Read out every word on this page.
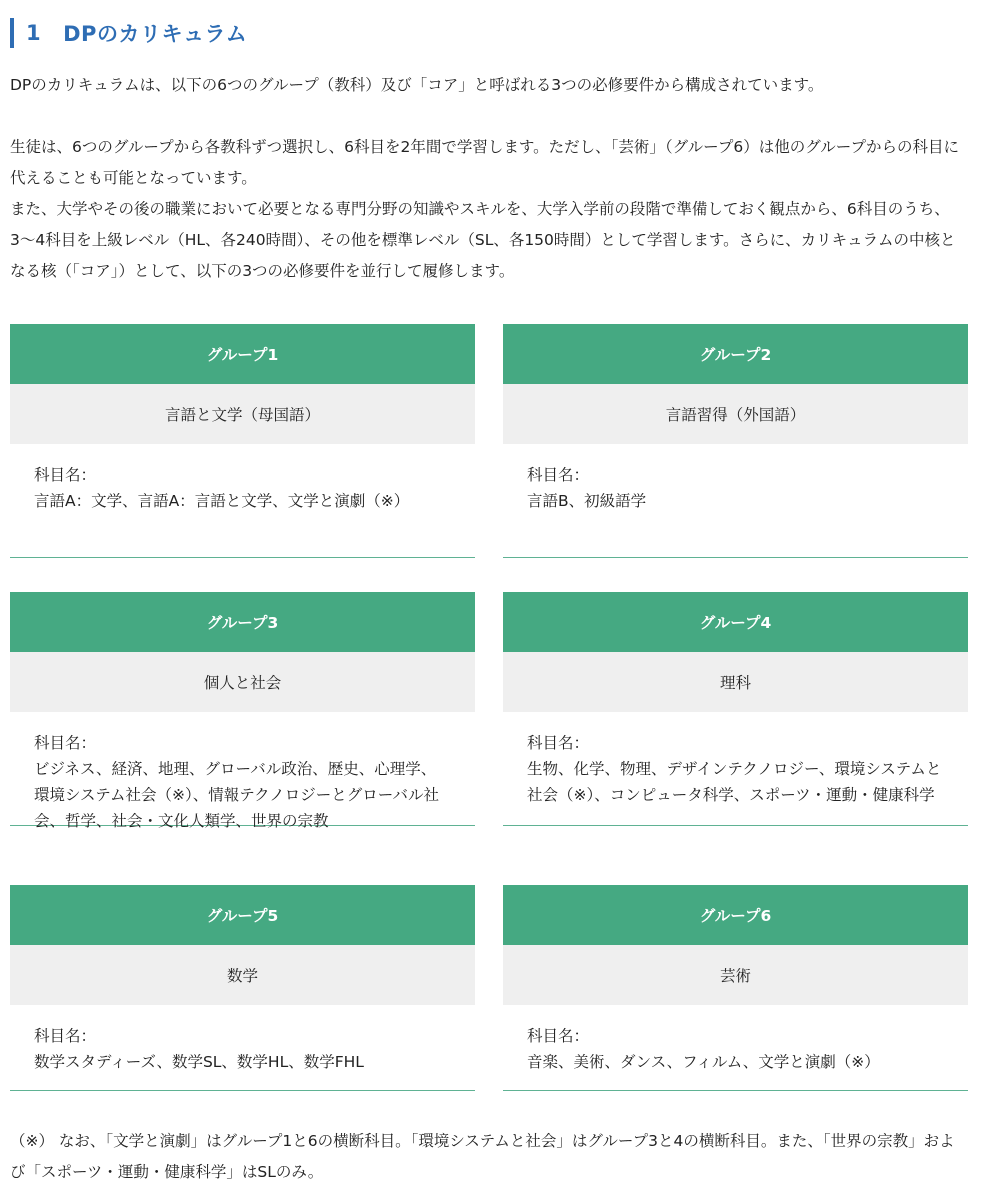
1 DPのカリキュラム

DPのカリキュラムは、以下の6つのグループ（教科）及び「コア」と呼ばれる3つの必修要件から構成されています。

生徒は、6つのグループから各教科ずつ選択し、6科目を2年間で学習します。ただし、「芸術」（グループ6）は他のグループからの科目に代えることも可能となっています。
また、大学やその後の職業において必要となる専門分野の知識やスキルを、大学入学前の段階で準備しておく観点から、6科目のうち、3〜4科目を上級レベル（HL、各240時間）、その他を標準レベル（SL、各150時間）として学習します。さらに、カリキュラムの中核となる核（「コア」）として、以下の3つの必修要件を並行して履修します。

グループ1
言語と文学（母国語）
科目名：
言語A：文学、言語A：言語と文学、文学と演劇（※）
グループ2
言語習得（外国語）
科目名：
言語B、初級語学
グループ3
個人と社会
科目名：
ビジネス、経済、地理、グローバル政治、歴史、心理学、環境システム社会（※）、情報テクノロジーとグローバル社会、哲学、社会・文化人類学、世界の宗教
グループ4
理科
科目名：
生物、化学、物理、デザインテクノロジー、環境システムと社会（※）、コンピュータ科学、スポーツ・運動・健康科学
グループ5
数学
科目名：
数学スタディーズ、数学SL、数学HL、数学FHL
グループ6
芸術
科目名：
音楽、美術、ダンス、フィルム、文学と演劇（※）

（※） なお、「文学と演劇」はグループ1と6の横断科目。「環境システムと社会」はグループ3と4の横断科目。また、「世界の宗教」および「スポーツ・運動・健康科学」はSLのみ。
